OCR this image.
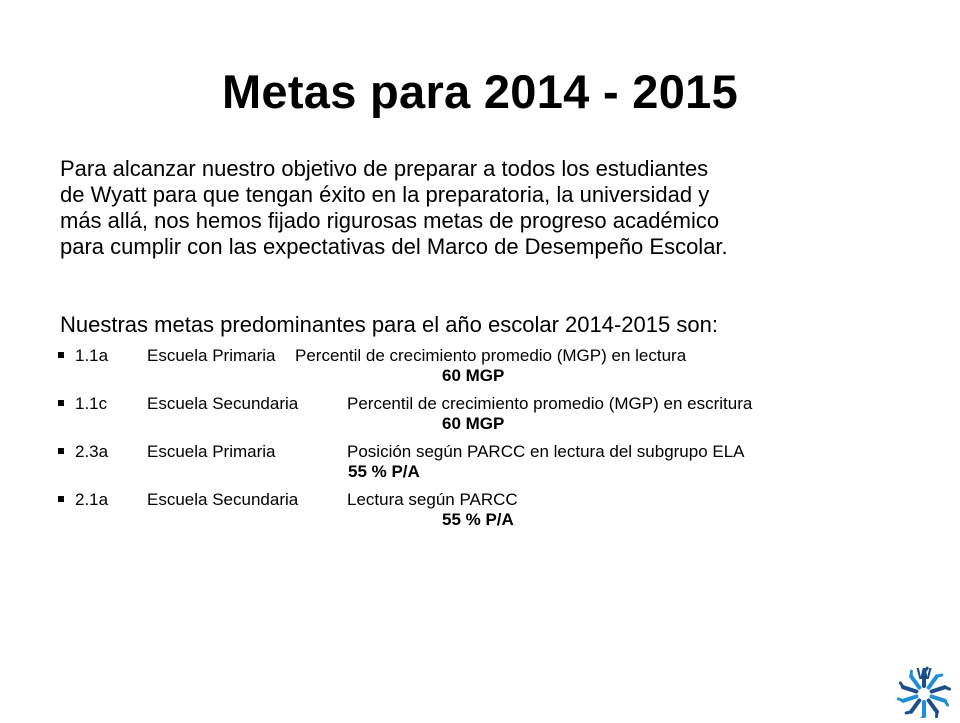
Metas para 2014 - 2015
Para alcanzar nuestro objetivo de preparar a todos los estudiantes
de Wyatt para que tengan éxito en la preparatoria, la universidad y
más allá, nos hemos fijado rigurosas metas de progreso académico
para cumplir con las expectativas del Marco de Desempeño Escolar.
Nuestras metas predominantes para el año escolar 2014-2015 son:
1.1a Escuela Primaria Percentil de crecimiento promedio (MGP) en lectura
60 MGP
1.1c Escuela Secundaria	Percentil de crecimiento promedio (MGP) en escritura
60 MGP
2.3a Escuela Primaria	Posición según PARCC en lectura del subgrupo ELA
55 % P/A
2.1a Escuela Secundaria	Lectura según PARCC
55 % P/A
W
